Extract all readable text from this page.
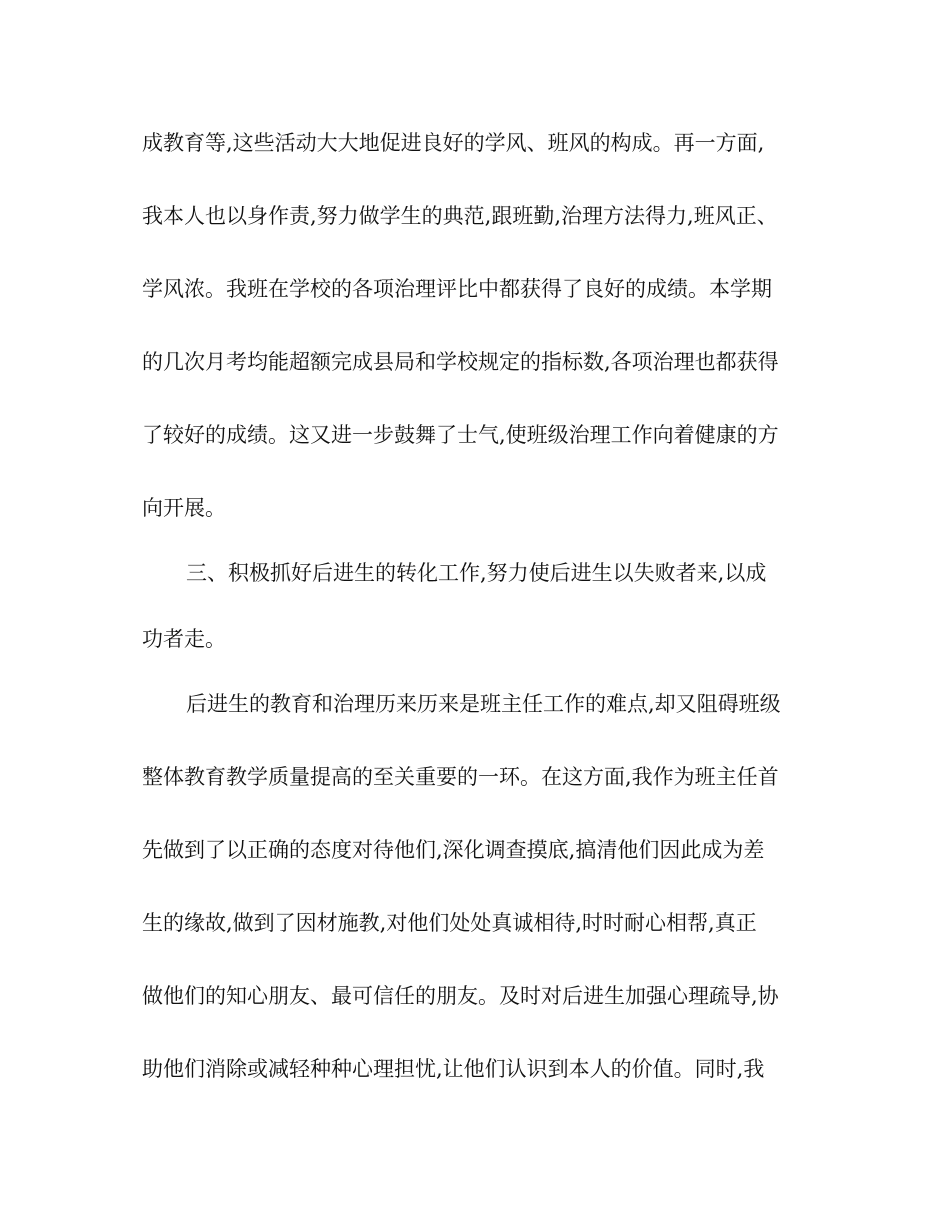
成教育等,这些活动大大地促进良好的学风、班风的构成。再一方面,
我本人也以身作责,努力做学生的典范,跟班勤,治理方法得力,班风正、
学风浓。我班在学校的各项治理评比中都获得了良好的成绩。本学期
的几次月考均能超额完成县局和学校规定的指标数,各项治理也都获得
了较好的成绩。这又进一步鼓舞了士气,使班级治理工作向着健康的方
向开展。
三、积极抓好后进生的转化工作,努力使后进生以失败者来,以成
功者走。
后进生的教育和治理历来历来是班主任工作的难点,却又阻碍班级
整体教育教学质量提高的至关重要的一环。在这方面,我作为班主任首
先做到了以正确的态度对待他们,深化调查摸底,搞清他们因此成为差
生的缘故,做到了因材施教,对他们处处真诚相待,时时耐心相帮,真正
做他们的知心朋友、最可信任的朋友。及时对后进生加强心理疏导,协
助他们消除或减轻种种心理担忧,让他们认识到本人的价值。同时,我
